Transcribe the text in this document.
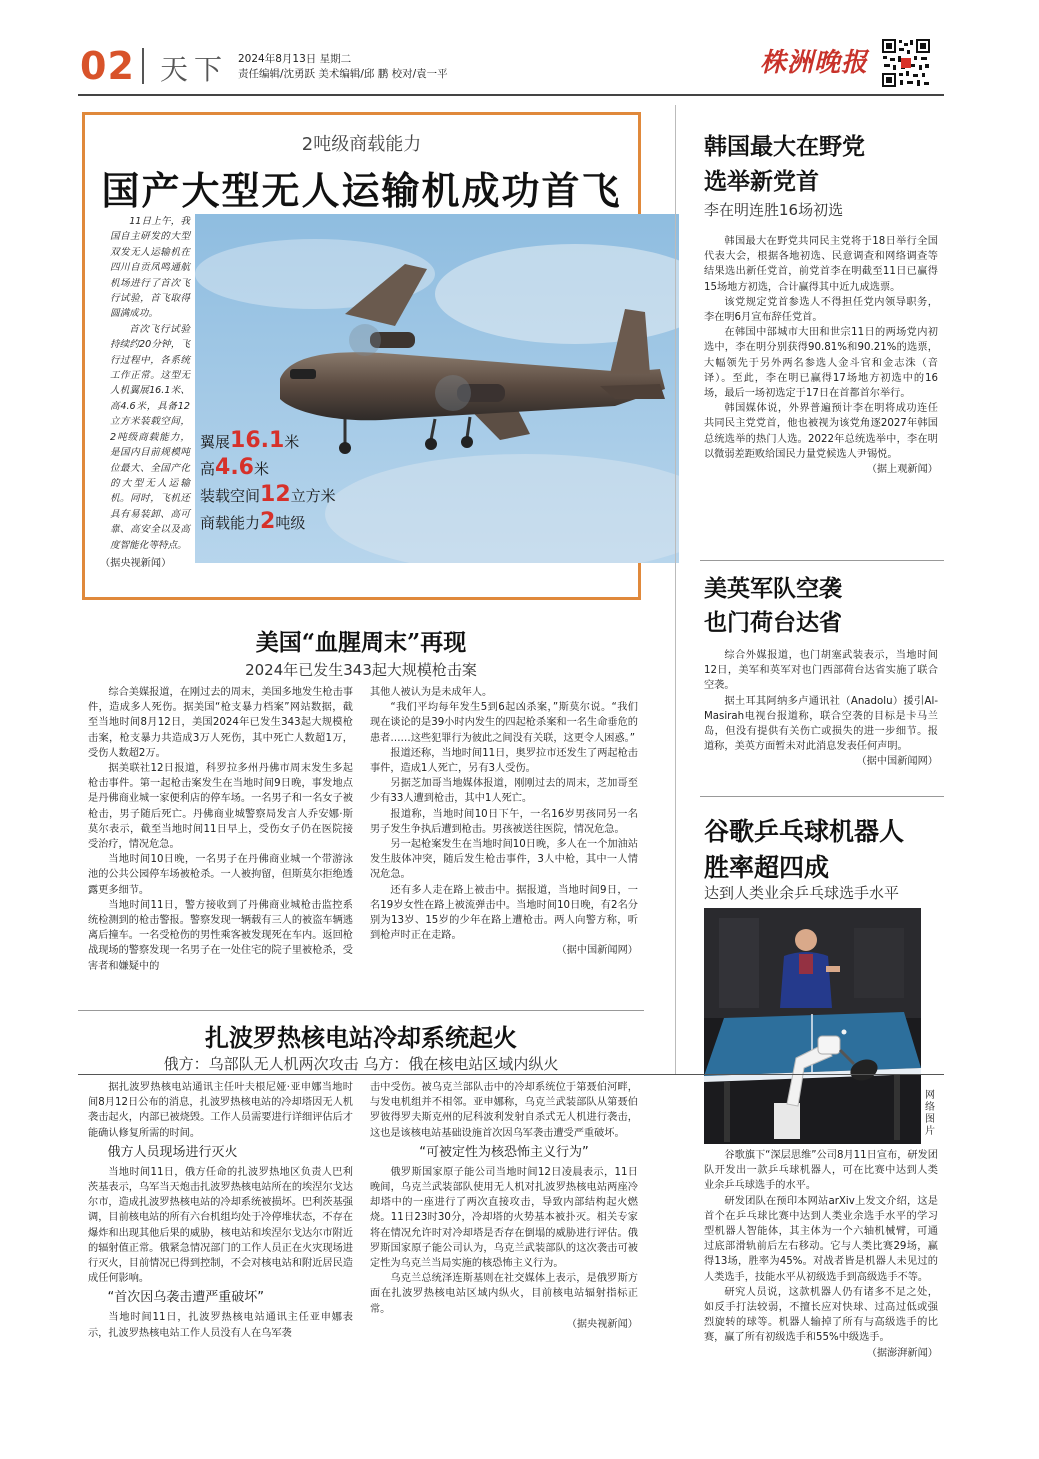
02 天下 2024年8月13日 星期二
责任编辑/沈勇跃 美术编辑/邱 鹏 校对/袁一平	株洲晚报
2吨级商载能力
国产大型无人运输机成功首飞
翼展16.1米
高4.6米
装载空间12立方米
商载能力2吨级

11日上午，我国自主研发的大型双发无人运输机在四川自贡凤鸣通航机场进行了首次飞行试验，首飞取得圆满成功。

首次飞行试验持续约20分钟，飞行过程中，各系统工作正常。这型无人机翼展16.1米、高4.6米，具备12立方米装载空间，2吨级商载能力，是国内目前规模吨位最大、全国产化的大型无人运输机。同时，飞机还具有易装卸、高可靠、高安全以及高度智能化等特点。

（据央视新闻）
美国“血腥周末”再现
2024年已发生343起大规模枪击案

综合美媒报道，在刚过去的周末，美国多地发生枪击事件，造成多人死伤。据美国“枪支暴力档案”网站数据，截至当地时间8月12日，美国2024年已发生343起大规模枪击案，枪支暴力共造成3万人死伤，其中死亡人数超1万，受伤人数超2万。

据美联社12日报道，科罗拉多州丹佛市周末发生多起枪击事件。第一起枪击案发生在当地时间9日晚，事发地点是丹佛商业城一家便利店的停车场。一名男子和一名女子被枪击，男子随后死亡。丹佛商业城警察局发言人乔安娜·斯莫尔表示，截至当地时间11日早上，受伤女子仍在医院接受治疗，情况危急。

当地时间10日晚，一名男子在丹佛商业城一个带游泳池的公共公园停车场被枪杀。一人被拘留，但斯莫尔拒绝透露更多细节。

当地时间11日，警方接收到了丹佛商业城枪击监控系统检测到的枪击警报。警察发现一辆载有三人的被盗车辆逃离后撞车。一名受枪伤的男性乘客被发现死在车内。返回枪战现场的警察发现一名男子在一处住宅的院子里被枪杀，受害者和嫌疑中的

其他人被认为是未成年人。

“我们平均每年发生5到6起凶杀案，”斯莫尔说。“我们现在谈论的是39小时内发生的四起枪杀案和一名生命垂危的患者……这些犯罪行为彼此之间没有关联，这更令人困惑。”

报道还称，当地时间11日，奥罗拉市还发生了两起枪击事件，造成1人死亡，另有3人受伤。

另据芝加哥当地媒体报道，刚刚过去的周末，芝加哥至少有33人遭到枪击，其中1人死亡。

报道称，当地时间10日下午，一名16岁男孩同另一名男子发生争执后遭到枪击。男孩被送往医院，情况危急。

另一起枪案发生在当地时间10日晚，多人在一个加油站发生肢体冲突，随后发生枪击事件，3人中枪，其中一人情况危急。

还有多人走在路上被击中。据报道，当地时间9日，一名19岁女性在路上被流弹击中。当地时间10日晚，有2名分别为13岁、15岁的少年在路上遭枪击。两人向警方称，听到枪声时正在走路。

（据中国新闻网）
扎波罗热核电站冷却系统起火
俄方：乌部队无人机两次攻击 乌方：俄在核电站区域内纵火

据扎波罗热核电站通讯主任叶夫根尼娅·亚申娜当地时间8月12日公布的消息，扎波罗热核电站的冷却塔因无人机袭击起火，内部已被烧毁。工作人员需要进行详细评估后才能确认修复所需的时间。

俄方人员现场进行灭火

当地时间11日，俄方任命的扎波罗热地区负责人巴利茨基表示，乌军当天炮击扎波罗热核电站所在的埃涅尔戈达尔市，造成扎波罗热核电站的冷却系统被损坏。巴利茨基强调，目前核电站的所有六台机组均处于冷停堆状态，不存在爆炸和出现其他后果的威胁，核电站和埃涅尔戈达尔市附近的辐射值正常。俄紧急情况部门的工作人员正在火灾现场进行灭火，目前情况已得到控制，不会对核电站和附近居民造成任何影响。

“首次因乌袭击遭严重破坏”

当地时间11日，扎波罗热核电站通讯主任亚申娜表示，扎波罗热核电站工作人员没有人在乌军袭

击中受伤。被乌克兰部队击中的冷却系统位于第聂伯河畔，与发电机组并不相邻。亚申娜称，乌克兰武装部队从第聂伯罗彼得罗夫斯克州的尼科波利发射自杀式无人机进行袭击，这也是该核电站基础设施首次因乌军袭击遭受严重破坏。
“可被定性为核恐怖主义行为”

俄罗斯国家原子能公司当地时间12日凌晨表示，11日晚间，乌克兰武装部队使用无人机对扎波罗热核电站两座冷却塔中的一座进行了两次直接攻击，导致内部结构起火燃烧。11日23时30分，冷却塔的火势基本被扑灭。相关专家将在情况允许时对冷却塔是否存在倒塌的威胁进行评估。俄罗斯国家原子能公司认为，乌克兰武装部队的这次袭击可被定性为乌克兰当局实施的核恐怖主义行为。

乌克兰总统泽连斯基则在社交媒体上表示，是俄罗斯方面在扎波罗热核电站区域内纵火，目前核电站辐射指标正常。

（据央视新闻）
韩国最大在野党
选举新党首
李在明连胜16场初选

韩国最大在野党共同民主党将于18日举行全国代表大会，根据各地初选、民意调查和网络调查等结果选出新任党首，前党首李在明截至11日已赢得15场地方初选，合计赢得其中近九成选票。

该党规定党首参选人不得担任党内领导职务，李在明6月宣布辞任党首。

在韩国中部城市大田和世宗11日的两场党内初选中，李在明分别获得90.81%和90.21%的选票，大幅领先于另外两名参选人金斗官和金志洙（音译）。至此，李在明已赢得17场地方初选中的16场，最后一场初选定于17日在首都首尔举行。

韩国媒体说，外界普遍预计李在明将成功连任共同民主党党首，他也被视为该党角逐2027年韩国总统选举的热门人选。2022年总统选举中，李在明以微弱差距败给国民力量党候选人尹锡悦。

（据上观新闻）
美英军队空袭
也门荷台达省

综合外媒报道，也门胡塞武装表示，当地时间12日，美军和英军对也门西部荷台达省实施了联合空袭。

据土耳其阿纳多卢通讯社（Anadolu）援引Al-Masirah电视台报道称，联合空袭的目标是卡马兰岛，但没有提供有关伤亡或损失的进一步细节。报道称，美英方面暂未对此消息发表任何声明。

（据中国新闻网）
谷歌乒乓球机器人
胜率超四成
达到人类业余乒乓球选手水平
网络图片

谷歌旗下“深层思维”公司8月11日宣布，研发团队开发出一款乒乓球机器人，可在比赛中达到人类业余乒乓球选手的水平。

研发团队在预印本网站arXiv上发文介绍，这是首个在乒乓球比赛中达到人类业余选手水平的学习型机器人智能体，其主体为一个六轴机械臂，可通过底部滑轨前后左右移动。它与人类比赛29场，赢得13场，胜率为45%。对战者皆是机器人未见过的人类选手，技能水平从初级选手到高级选手不等。

研究人员说，这款机器人仍有诸多不足之处，如反手打法较弱，不擅长应对快球、过高过低或强烈旋转的球等。机器人输掉了所有与高级选手的比赛，赢了所有初级选手和55%中级选手。

（据澎湃新闻）
